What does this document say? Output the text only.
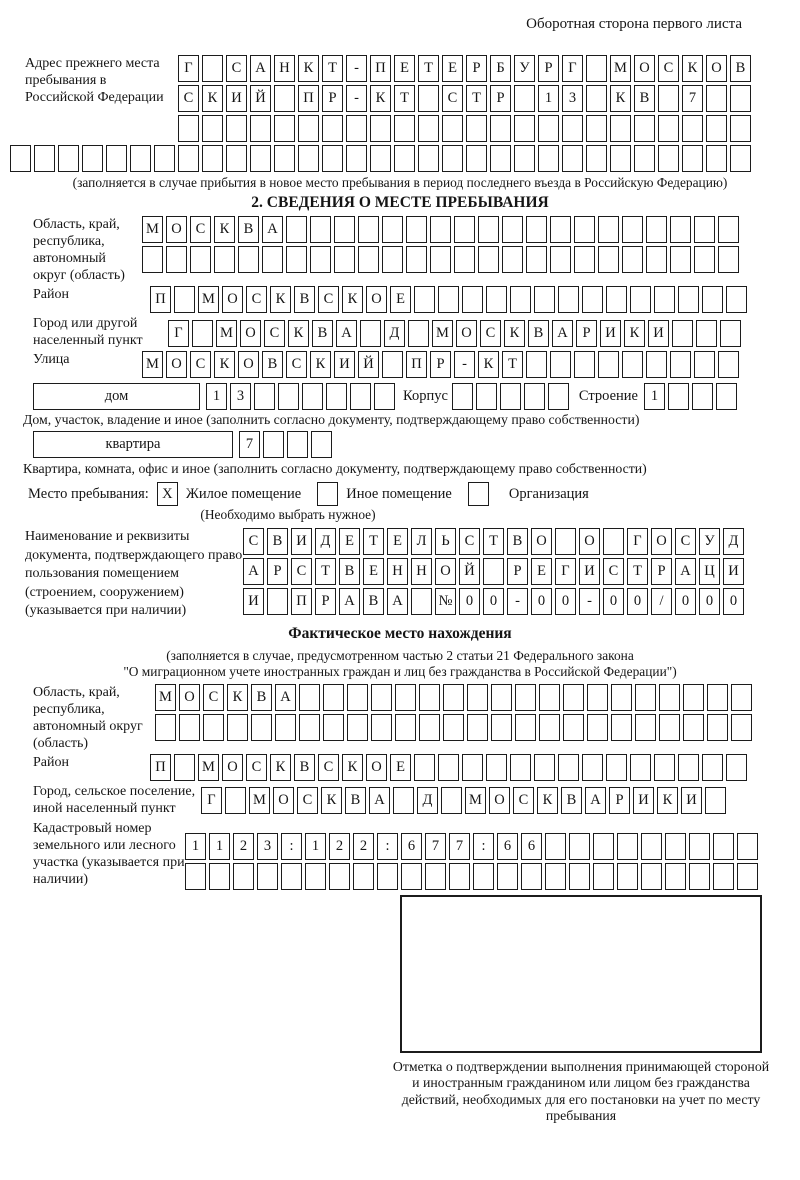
Оборотная сторона первого листа
Адрес прежнего места пребывания в Российской Федерации
Г	С А Н К	Т	-	П Е	Т	Е	Р	Б	У	Р	Г	М О С К О В
С К И Й	П	Р	-	К	Т	С	Т	Р	1	3	К В	7
(заполняется в случае прибытия в новое место пребывания в период последнего въезда в Российскую Федерацию)
2. СВЕДЕНИЯ О МЕСТЕ ПРЕБЫВАНИЯ
Область, край, республика, автономный округ (область)
М О С К В А
Район	П	М О С К В С К О Е
Город или другой населенный пункт	Г	М О С К В А	Д	М О С К В А	Р	И К И
Улица	М О С К О В С К И Й	П	Р	-	К	Т
дом	1	3	Корпус	Строение 1
Дом, участок, владение и иное (заполнить согласно документу, подтверждающему право собственности)
квартира	7
Квартира, комната, офис и иное (заполнить согласно документу, подтверждающему право собственности)
Место пребывания: X Жилое помещение	Иное помещение	Организация
(Необходимо выбрать нужное)
Наименование и реквизиты документа, подтверждающего право пользования помещением (строением, сооружением) (указывается при наличии)
С В И Д	Е	Т	Е	Л	Ь	С	Т	В О	О	Г	О С У Д
А	Р	С	Т	В	Е Н Н О Й	Р	Е	Г	И С	Т	Р	А Ц И
И	П	Р	А В А	№ 0	0	-	0	0	-	0	0	/	0	0	0
Фактическое место нахождения
(заполняется в случае, предусмотренном частью 2 статьи 21 Федерального закона
"О миграционном учете иностранных граждан и лиц без гражданства в Российской Федерации")
Область, край, республика, автономный округ (область)
М О С К В А
Район	П	М О С К В С К О Е
Город, сельское поселение, иной населенный пункт
Г	М О С К В А	Д	М О С К В А	Р	И К И
Кадастровый номер земельного или лесного участка (указывается при наличии)
1	1	2	3	:	1	2	2	:	6	7	7	:	6	6
Отметка о подтверждении выполнения принимающей стороной и иностранным гражданином или лицом без гражданства действий, необходимых для его постановки на учет по месту пребывания
